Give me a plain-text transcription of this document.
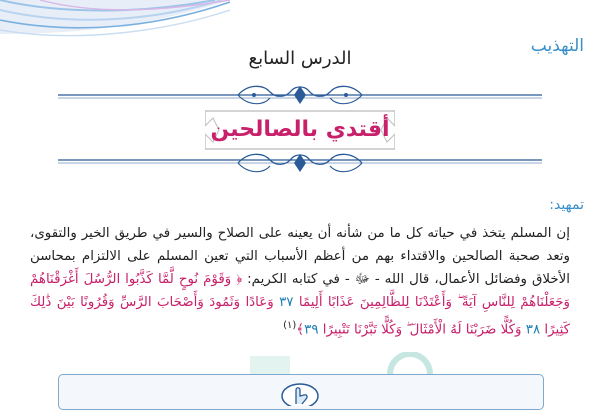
التهذيب
الدرس السابع
أقتدي بالصالحين
تمهيد:

إن المسلم يتخذ في حياته كل ما من شأنه أن يعينه على الصلاح والسير في طريق الخير والتقوى، وتعد صحبة الصالحين والاقتداء بهم من أعظم الأسباب التي تعين المسلم على الالتزام بمحاسن الأخلاق وفضائل الأعمال، قال الله - ﷻ - في كتابه الكريم: ﴿ وَقَوْمَ نُوحٍ لَّمَّا كَذَّبُوا الرُّسُلَ أَغْرَقْنَاهُمْ وَجَعَلْنَاهُمْ لِلنَّاسِ آيَةً ۖ وَأَعْتَدْنَا لِلظَّالِمِينَ عَذَابًا أَلِيمًا ٣٧ وَعَادًا وَثَمُودَ وَأَصْحَابَ الرَّسِّ وَقُرُونًا بَيْنَ ذَٰلِكَ كَثِيرًا ٣٨ وَكُلًّا ضَرَبْنَا لَهُ الْأَمْثَالَ ۖ وَكُلًّا تَبَّرْنَا تَتْبِيرًا ٣٩﴾$^{(١)}$
